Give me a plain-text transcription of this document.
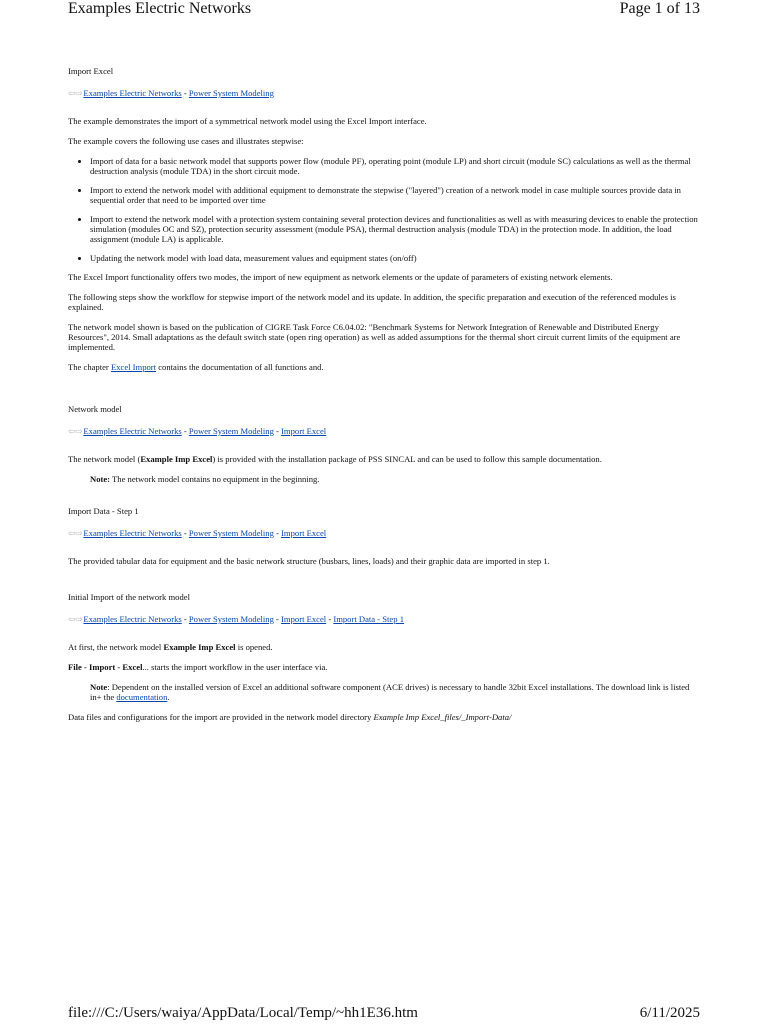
Examples Electric Networks	Page 1 of 13
Import Excel
⇦⇨Examples Electric Networks - Power System Modeling

The example demonstrates the import of a symmetrical network model using the Excel Import interface.

The example covers the following use cases and illustrates stepwise:

• Import of data for a basic network model that supports power flow (module PF), operating point (module LP) and short circuit (module SC) calculations as well as the thermal destruction analysis (module TDA) in the short circuit mode.
• Import to extend the network model with additional equipment to demonstrate the stepwise ("layered") creation of a network model in case multiple sources provide data in sequential order that need to be imported over time
• Import to extend the network model with a protection system containing several protection devices and functionalities as well as with measuring devices to enable the protection simulation (modules OC and SZ), protection security assessment (module PSA), thermal destruction analysis (module TDA) in the protection mode. In addition, the load assignment (module LA) is applicable.
• Updating the network model with load data, measurement values and equipment states (on/off)

The Excel Import functionality offers two modes, the import of new equipment as network elements or the update of parameters of existing network elements.

The following steps show the workflow for stepwise import of the network model and its update. In addition, the specific preparation and execution of the referenced modules is explained.

The network model shown is based on the publication of CIGRE Task Force C6.04.02: "Benchmark Systems for Network Integration of Renewable and Distributed Energy Resources", 2014. Small adaptations as the default switch state (open ring operation) as well as added assumptions for the thermal short circuit current limits of the equipment are implemented.

The chapter Excel Import contains the documentation of all functions and.

Network model
⇦⇨Examples Electric Networks - Power System Modeling - Import Excel

The network model (Example Imp Excel) is provided with the installation package of PSS SINCAL and can be used to follow this sample documentation.

Note: The network model contains no equipment in the beginning.

Import Data - Step 1
⇦⇨Examples Electric Networks - Power System Modeling - Import Excel

The provided tabular data for equipment and the basic network structure (busbars, lines, loads) and their graphic data are imported in step 1.

Initial Import of the network model
⇦⇨Examples Electric Networks - Power System Modeling - Import Excel - Import Data - Step 1

At first, the network model Example Imp Excel is opened.

File - Import - Excel... starts the import workflow in the user interface via.

Note: Dependent on the installed version of Excel an additional software component (ACE drives) is necessary to handle 32bit Excel installations. The download link is listed in+ the documentation.

Data files and configurations for the import are provided in the network model directory Example Imp Excel_files/_Import-Data/

file:///C:/Users/waiya/AppData/Local/Temp/~hh1E36.htm	6/11/2025
